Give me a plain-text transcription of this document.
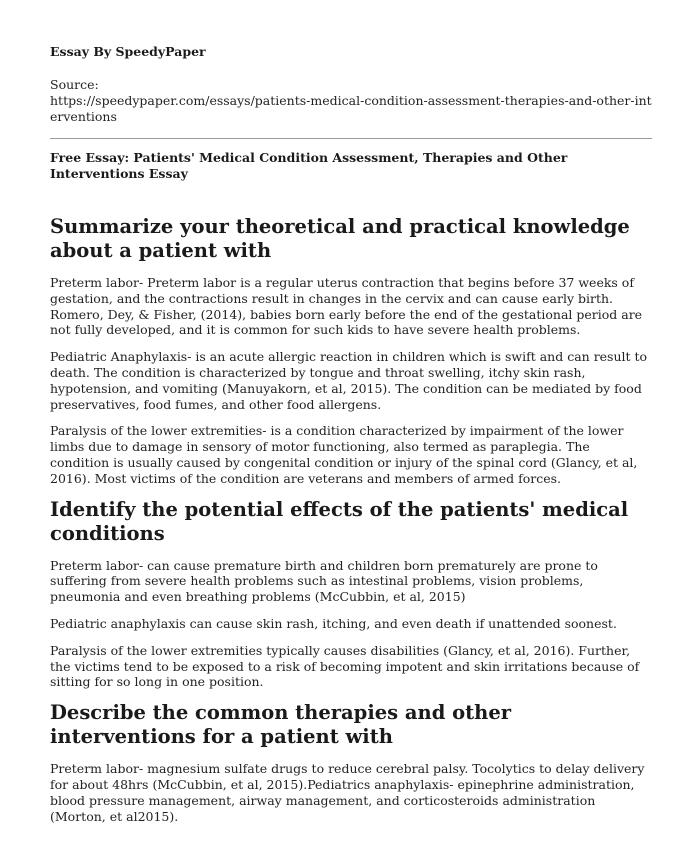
Essay By SpeedyPaper
Source:
https://speedypaper.com/essays/patients-medical-condition-assessment-therapies-and-other-interventions
Free Essay: Patients' Medical Condition Assessment, Therapies and Other Interventions Essay
Summarize your theoretical and practical knowledge about a patient with

Preterm labor- Preterm labor is a regular uterus contraction that begins before 37 weeks of gestation, and the contractions result in changes in the cervix and can cause early birth. Romero, Dey, & Fisher, (2014), babies born early before the end of the gestational period are not fully developed, and it is common for such kids to have severe health problems.

Pediatric Anaphylaxis- is an acute allergic reaction in children which is swift and can result to death. The condition is characterized by tongue and throat swelling, itchy skin rash, hypotension, and vomiting (Manuyakorn, et al, 2015). The condition can be mediated by food preservatives, food fumes, and other food allergens.

Paralysis of the lower extremities- is a condition characterized by impairment of the lower limbs due to damage in sensory of motor functioning, also termed as paraplegia. The condition is usually caused by congenital condition or injury of the spinal cord (Glancy, et al, 2016). Most victims of the condition are veterans and members of armed forces.

Identify the potential effects of the patients' medical conditions

Preterm labor- can cause premature birth and children born prematurely are prone to suffering from severe health problems such as intestinal problems, vision problems, pneumonia and even breathing problems (McCubbin, et al, 2015)

Pediatric anaphylaxis can cause skin rash, itching, and even death if unattended soonest.

Paralysis of the lower extremities typically causes disabilities (Glancy, et al, 2016). Further, the victims tend to be exposed to a risk of becoming impotent and skin irritations because of sitting for so long in one position.

Describe the common therapies and other interventions for a patient with

Preterm labor- magnesium sulfate drugs to reduce cerebral palsy. Tocolytics to delay delivery for about 48hrs (McCubbin, et al, 2015).Pediatrics anaphylaxis- epinephrine administration, blood pressure management, airway management, and corticosteroids administration (Morton, et al2015).
